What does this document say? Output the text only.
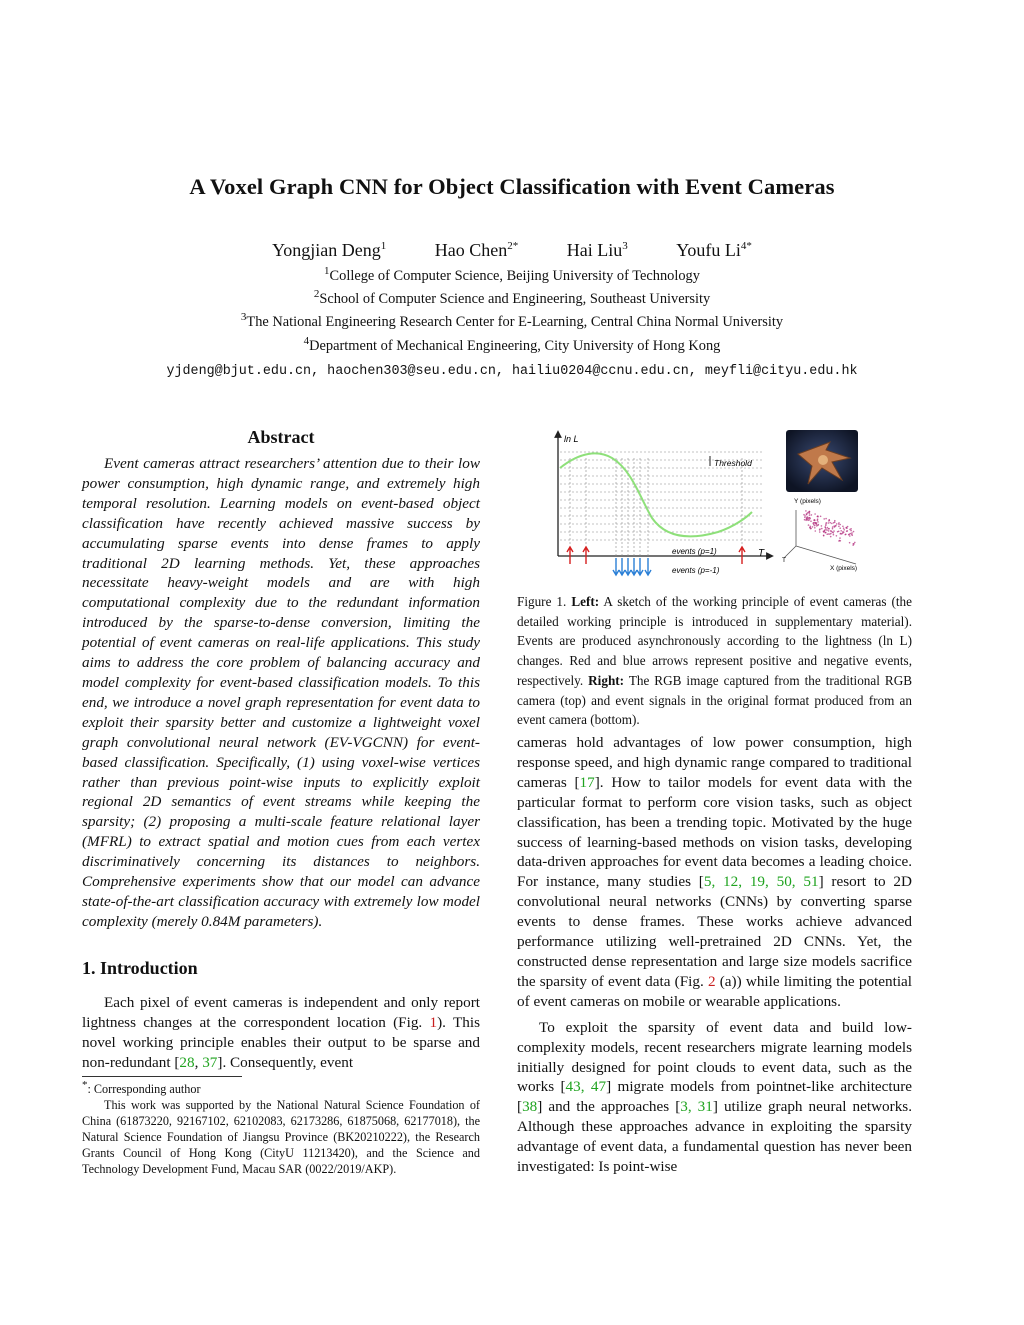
A Voxel Graph CNN for Object Classification with Event Cameras
Yongjian Deng$^1$	Hao Chen$^{2*}$	Hai Liu$^3$	Youfu $Li^{4*}$
$^1$College of Computer Science, Beijing University of Technology
$^2$School of Computer Science and Engineering, Southeast University
$^3$The National Engineering Research Center for E-Learning, Central China Normal University
$^4$Department of Mechanical Engineering, City University of Hong Kong
yjdeng@bjut.edu.cn, haochen303@seu.edu.cn, hailiu0204@ccnu.edu.cn, meyfli@cityu.edu.hk
Abstract

Event cameras attract researchers’ attention due to their low power consumption, high dynamic range, and extremely high temporal resolution. Learning models on event-based object classification have recently achieved massive success by accumulating sparse events into dense frames to apply traditional 2D learning methods. Yet, these approaches necessitate heavy-weight models and are with high computational complexity due to the redundant information introduced by the sparse-to-dense conversion, limiting the potential of event cameras on real-life applications. This study aims to address the core problem of balancing accuracy and model complexity for event-based classification models. To this end, we introduce a novel graph representation for event data to exploit their sparsity better and customize a lightweight voxel graph convolutional neural network (EV-VGCNN) for event-based classification. Specifically, (1) using voxel-wise vertices rather than previous point-wise inputs to explicitly exploit regional 2D semantics of event streams while keeping the sparsity; (2) proposing a multi-scale feature relational layer (MFRL) to extract spatial and motion cues from each vertex discriminatively concerning its distances to neighbors. Comprehensive experiments show that our model can advance state-of-the-art classification accuracy with extremely low model complexity (merely 0.84M parameters).

1. Introduction

Each pixel of event cameras is independent and only report lightness changes at the correspondent location (Fig. 1). This novel working principle enables their output to be sparse and non-redundant [28, 37]. Consequently, event

*: Corresponding author

This work was supported by the National Natural Science Foundation of China (61873220, 92167102, 62102083, 62173286, 61875068, 62177018), the Natural Science Foundation of Jiangsu Province (BK20210222), the Research Grants Council of Hong Kong (CityU 11213420), and the Science and Technology Development Fund, Macau SAR (0022/2019/AKP).

ln L
T
Threshold
events (p=1)
events (p=-1)
Y (pixels)
X (pixels)
T
Figure 1. Left: A sketch of the working principle of event cameras (the detailed working principle is introduced in supplementary material). Events are produced asynchronously according to the lightness (ln L) changes. Red and blue arrows represent positive and negative events, respectively. Right: The RGB image captured from the traditional RGB camera (top) and event signals in the original format produced from an event camera (bottom).

cameras hold advantages of low power consumption, high response speed, and high dynamic range compared to traditional cameras [17]. How to tailor models for event data with the particular format to perform core vision tasks, such as object classification, has been a trending topic. Motivated by the huge success of learning-based methods on vision tasks, developing data-driven approaches for event data becomes a leading choice. For instance, many studies [5, 12, 19, 50, 51] resort to 2D convolutional neural networks (CNNs) by converting sparse events to dense frames. These works achieve advanced performance utilizing well-pretrained 2D CNNs. Yet, the constructed dense representation and large size models sacrifice the sparsity of event data (Fig. 2 (a)) while limiting the potential of event cameras on mobile or wearable applications.

To exploit the sparsity of event data and build low-complexity models, recent researchers migrate learning models initially designed for point clouds to event data, such as the works [43, 47] migrate models from pointnet-like architecture [38] and the approaches [3, 31] utilize graph neural networks. Although these approaches advance in exploiting the sparsity advantage of event data, a fundamental question has never been investigated: Is point-wise
